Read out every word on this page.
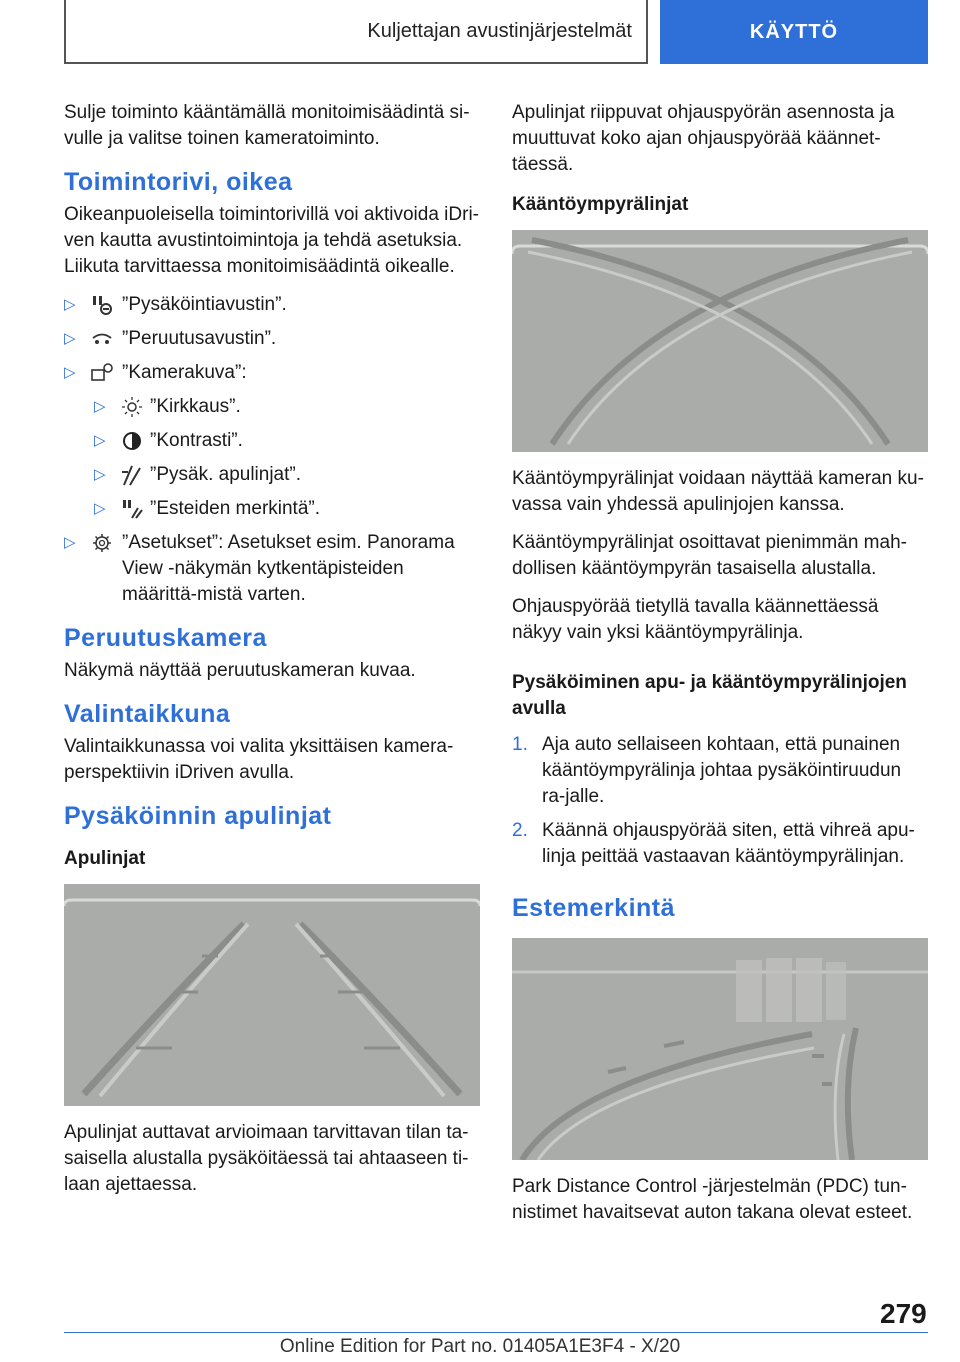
Kuljettajan avustinjärjestelmät	KÄYTTÖ

Sulje toiminto kääntämällä monitoimisäädintä si-vulle ja valitse toinen kameratoiminto.

Toimintorivi, oikea

Oikeanpuoleisella toimintorivillä voi aktivoida iDri-ven kautta avustintoimintoja ja tehdä asetuksia. Liikuta tarvittaessa monitoimisäädintä oikealle.

▷ ”Pysäköintiavustin”.
▷ ”Peruutusavustin”.
▷ ”Kamerakuva”:
▷ ”Kirkkaus”.
▷ ”Kontrasti”.
▷ ”Pysäk. apulinjat”.
▷ ”Esteiden merkintä”.
▷ ”Asetukset”: Asetukset esim. Panorama View -näkymän kytkentäpisteiden määrittä-mistä varten.
Peruutuskamera

Näkymä näyttää peruutuskameran kuvaa.

Valintaikkuna

Valintaikkunassa voi valita yksittäisen kamera-perspektiivin iDriven avulla.

Pysäköinnin apulinjat
Apulinjat

Apulinjat auttavat arvioimaan tarvittavan tilan ta-saisella alustalla pysäköitäessä tai ahtaaseen ti-laan ajettaessa.

Apulinjat riippuvat ohjauspyörän asennosta ja muuttuvat koko ajan ohjauspyörää käännet-täessä.

Kääntöympyrälinjat

Kääntöympyrälinjat voidaan näyttää kameran ku-vassa vain yhdessä apulinjojen kanssa.

Kääntöympyrälinjat osoittavat pienimmän mah-dollisen kääntöympyrän tasaisella alustalla.

Ohjauspyörää tietyllä tavalla käännettäessä näkyy vain yksi kääntöympyrälinja.

Pysäköiminen apu- ja kääntöympyrälinjojen avulla
1. Aja auto sellaiseen kohtaan, että punainen kääntöympyrälinja johtaa pysäköintiruudun ra-jalle.
2. Käännä ohjauspyörää siten, että vihreä apu-linja peittää vastaavan kääntöympyrälinjan.
Estemerkintä

Park Distance Control -järjestelmän (PDC) tun-nistimet havaitsevat auton takana olevat esteet.

279
Online Edition for Part no. 01405A1E3F4 - X/20
